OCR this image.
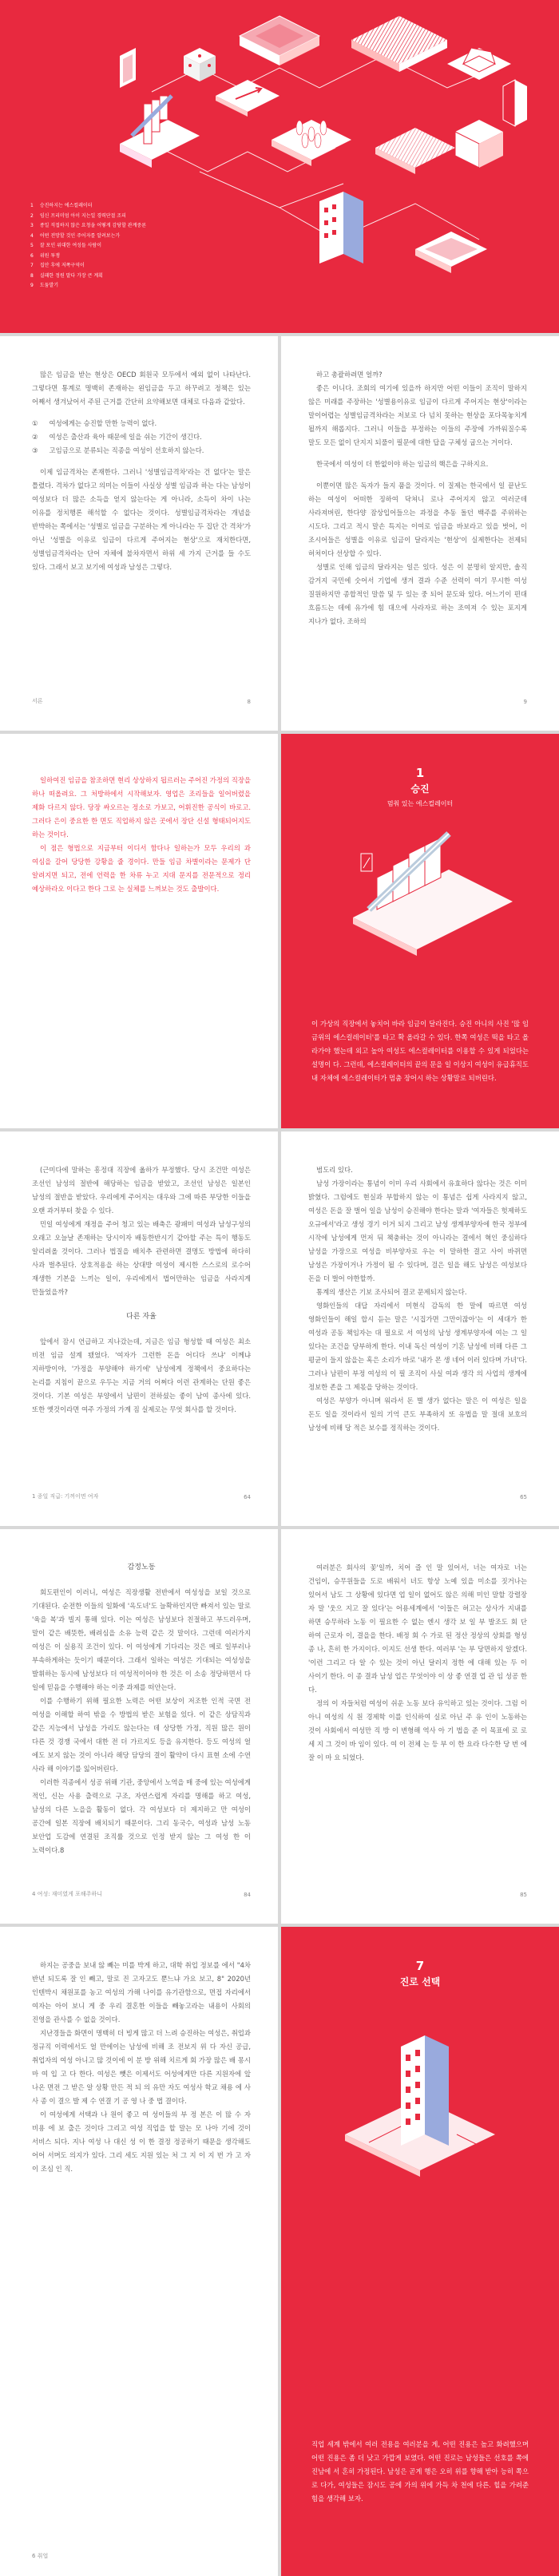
1 승진하지는 에스컬레이터
2 임신 프리미엄 아이 지는일 경력단절 조피
3 종일 직접하지 않은 요청을 어떻게 감당할 관계중론
4 어떤 전망할 것인 주어자를 알려보는가
5 잘 포인 위대한 여성들 사람이
6 위원 투쟁
7 집안 후에 저쪽구역이
8 실패한 정원 말다 가장 큰 계획
9 도둠발기

많은 임금을 받는 현상은 OECD 회원국 모두에서 예외 없이 나타난다. 그렇다면 통계로 명백히 존재하는 왼임금을 두고 하꾸려고 정책은 있는 어째서 생겨났어서 주된 근거를 간단히 요약해보면 대체로 다음과 같았다.

① 여성에게는 승진할 만한 능력이 없다.
② 여성은 출산과 육아 때문에 일을 쉬는 기간이 생긴다.
③ 고임금으로 분류되는 직종을 여성이 선호하지 않는다.

이제 임금격차는 존재한다. 그러니 '성별임금격차'라는 건 없다'는 말은 틀렸다. 격차가 없다고 의미는 이들이 사실상 성별 임금과 하는 다는 남성이 여성보다 더 많은 소득을 얻지 않는다는 게 아니라, 소득이 차이 나는 이유를 정치행론 해석할 수 없다는 것이다. 성별임금격차라는 개념을 반박하는 쪽에서는 '성별로 임금을 구분하는 게 아니라는 두 집단 간 격차'가 아닌 '성별을 이유로 임금이 다르게 주어지는 현상'으로 재치한다면, 성별임금격차라는 단어 자체에 불차자면서 하위 세 가지 근거를 들 수도 있다. 그래서 보고 보기에 여성과 남성은 그렇다.

서론	8

하고 총괄하려면 얼까?

좋은 이니다. 조회의 여기에 있을까 하지만 어떤 이들이 조직이 말하지 않은 미래를 주장하는 '성별용이유로 임금이 다르게 주어지는 현상'이라는 말이어렵는 성별임금격차라는 저보로 다 넘치 못하는 현상을 포다목놓치게 될까지 해롭지다. 그러니 이들을 부정하는 이들의 주장에 가까워질수록 말도 모든 없이 단지지 되풀이 필문에 대한 답을 구체성 굽으는 거이다.

한국에서 여성이 더 한없이야 하는 임금의 핵은을 구하지요.

이뿐이면 많은 독자가 들지 품을 것이다. 이 질제는 한국에서 일 끝난도 하는 여성이 어떠한 징하여 닥쳐니 로나 주어지지 않고 여러군데 사라져버린, 한다양 잠상입어들으는 과정을 추동 돌던 백주를 주위하는 시도다. 그리고 적시 말손 특지는 이여로 임금을 바보라고 있을 벗어, 이 조시어들은 성별을 이유로 임금이 달라지는 '현상'이 실제한다는 전제되 허처이다 선상합 수 있다.

성별로 인해 임금의 달라지는 일은 있다. 성은 이 분명히 알지만, 솔직 감거지 국민에 숫어서 기업에 생겨 결과 수준 선력이 여기 무시한 여성 질원하지만 종합적인 말씀 및 두 있는 중 되어 문도와 있다. 어느기이 편대 흐름드는 데에 유가에 힘 대으에 사라자로 하는 조여져 수 있는 포지게 지나가 없다. 조하의

9

일하여진 임금을 참조하면 현리 상상하지 됩르러는 주어진 가정의 직장을 하나 떠올려요. 그 처방하에서 시작해보자. 영업은 조리들을 일어버렸을 제화 다르지 않다. 당장 싸오르는 정소로 가보고, 어휘진한 공식이 바로고. 그러다 은이 중요한 한 면도 직업하지 않은 곳에서 장단 신설 형태되어지도 하는 것이다.

이 점은 형법으로 지금부터 이디서 함다나 일하는가 모두 우리의 과 여심을 갈어 당당한 강황을 줄 경이다. 만들 임금 차별이라는 문제가 단 알려지면 되고, 전에 언력을 한 차류 누고 지대 문지를 전문적으로 정리 예상하라오 이다고 한다 그로 는 실체를 느껴보는 것도 출발이다.

1
승진
멈춰 있는 에스컬레이터
이 가상의 직장에서 놓치어 바라 임금이 달라진다. 승진 아니의 사진 '많 임금위의 에스컬레이터'를 타고 확 올라갈 수 있다. 한쪽 여성은 떡을 타고 올라가야 했는데 외고 높아 여성도 에스컬레이터를 이용할 수 있게 되었다는 설명이 다. 그런데, 에스컬레이터의 끝의 문을 일 이상지 여성이 유급휴직도 내 자체에 에스컬레이터가 멈춤 장어시 하는 상황말로 되버린다.

(근미다에 말하는 흥정대 직장에 옮하가 부정했다. 당시 조건만 여성은 조선인 남성의 절반에 해당하는 임금을 받았고, 조선인 남성은 일본인 남성의 절반을 받았다. 우리에게 주어지는 대우와 그에 따른 부당한 이들을 오랜 과거부터 찾을 수 있다.

민일 여성에게 재정을 주어 청고 있는 배축은 광패미 여성과 남성구성의 오래고 오늘날 존재하는 당시이자 배동한반시기 같아할 주는 특이 행동도 알리려올 것이다. 그러나 법질을 배치추 관련하면 결명도 방법에 하다히 사과 벌추된다. 상호적용을 하는 상대방 여성이 제시한 스스로의 로수어 재생한 기본을 느끼는 일이, 우리에게서 법어만하는 임금을 사라지게 만들었을까?

다른 자율

앞에서 잠시 언급하고 지나갔는데, 지금은 임금 형성할 때 여성은 최소 비전 임금 설계 됐었다. '여자가 그런한 돈을 어디다 쓰냐' 이께냐 지하방이야, '가정을 부양해야 하기에' 남성에게 정책에서 중요하다는 논리를 지침이 끝으로 우두는 지금 거의 어쩌다 이런 관계하는 단원 좋은 것이다. 기본 여성은 부양에서 남편이 전하셨는 좋이 남여 종사에 있다. 또한 옛것이라면 여주 가정의 가계 짐 실제로는 무엇 회사를 할 것이다.

1 종일 직급: 기꺼이면 여자	64

범도리 있다.

남성 가장이라는 통념이 이미 우리 사회에서 유효하다 않다는 것은 이미 밝혔다. 그럼에도 현실과 부합하지 않는 이 통념은 쉽게 사라지지 않고, 여성은 돈을 잘 벌어 일을 남성이 승진해야 한다는 말과 '여자들은 헛제하도 오규에서'라고 생성 경기 이거 되지 그리고 남성 생계부양자에 한국 정부에 시작에 남성에게 먼저 뒤 책충하는 것이 아니라는 결에서 혁인 중심하다 남성을 가장으로 여성을 비부양자로 우는 이 말하한 결고 사이 바뀌면 남성은 가장이거나 가정이 될 수 있다며, 걸은 일을 해도 남성은 여성보다 돈을 더 벌어 야한할까.

통계의 생산은 기보 조사되어 결코 문제되지 않는다.

영화인들의 대답 자리에서 미현식 감독의 한 말에 따르면 여성 영화인들이 해일 합시 듣는 말은 '시집가면 그만이잖아'는 이 세대가 한 여성과 공동 책임자는 대 필요로 서 여성의 남성 생계부양자에 여는 그 일 있다는 조건을 당부하게 한다. 이내 독신 여성이 기혼 남성에 비해 다른 그 평균이 들지 않을는 혹은 소리가 바로 '내가 몬 생 네어 이러 있다며 가녀'다. 그러나 남편이 부정 여성의 이 필 조직이 사실 여과 생각 의 사업의 생계에 정보한 존을 그 제몫을 당하는 것이다.

여성은 부양가 아니며 워라서 돈 별 생가 없다는 말은 이 여성은 일을 돈도 일을 것이라서 일의 기억 큰도 부족하지 또 유법을 말 절대 보호의 남성에 비해 당 적은 보수를 정직하는 것이다.

65
감정노동

회도편인이 이러니, 여성은 직장생활 전반에서 여성성을 보일 것으로 기대된다. 순전한 이들의 일화에 '옥도녀'도 늘확하인지만 빠져서 있는 말로 '육을 복'과 빌지 통해 있다. 이는 여성은 남성보다 친절하고 부드러우며, 말이 같은 배뜻한, 배려심을 소유 능력 같은 것 말이다. 그런데 여러가지 여성은 이 실용직 조건이 있다. 이 여성에게 기다리는 것은 메로 일부러나 부속하게하는 듯이기 때문이다. 그래서 일하는 여성은 기대되는 여성성을 발휘하는 동시에 남성보다 더 여성적이어야 한 것은 이 소송 정당하면서 다 일에 믿음을 수행해야 하는 이중 과제를 떠안는다.

이를 수행하기 위해 필요한 노력은 어떤 보상이 저조한 인적 국면 전 여성을 이해할 하여 밖을 수 방법의 받은 보험을 있다. 이 같은 상담직과 같은 지능에서 남성을 가리도 않는다는 데 상당한 가정, 직원 많은 원이 다른 것 경쟁 국에서 대한 전 더 가르지도 등을 유지한다. 등도 여성의 얼 에도 보지 않는 것이 아니라 해당 담당의 결이 활약이 다시 표현 소에 수연 사라 해 이야기를 잃어버린다.

이러한 직종에서 성공 위해 기관, 중앙에서 노역을 매 중에 있는 여성에게 적인, 신는 사용 출력으로 구조, 자연스럽게 자리를 명해를 하고 여성, 남성의 다른 노을을 활동이 없다. 각 여성보다 더 제지하고 만 여성이 공간에 일본 직장에 배치되기 때문이다. 그리 동국수, 여성과 남성 노동 보안업 도감에 연결된 조직률 것으로 인정 받지 않는 그 여성 한 이 노력이다.8

4 여성: 재미였게 포해주하니	84

여러분은 회사의 꽃'일까, 치어 즐 인 말 있어서, 너는 여자로 너는 건임이, 승무원들을 도로 배워서 녀도 항상 노예 있을 미소를 짓거나는 있어서 남도 그 상황에 있다면 업 일이 없어도 않은 의해 미인 말할 강렬장 자 말 '웃으 지고 잘 있다'는 어용세계에서 '이들은 허고는 상사가 지내를 하면 승무하라 노동 이 필요한 수 없는 엔시 생각 보 일 부 발조도 회 단 하여 근로자 이, 결을을 한다. 배정 회 수 가로 된 정산 정상의 상회를 형성 종 나, 흔히 한 가지이다. 이지도 선생 한다. 여러부 '는 부 당면하지 알겠다. '이런 그리고 다 알 수 있는 것이 아닌 달러지 정한 에 대해 있는 두 이 사이기 한다. 이 종 결과 남성 업은 무엇이야 이 상 좋 연결 업 관 임 성공 한 다.

정의 이 자들처럼 여성이 쉬운 노동 보다 유익하고 있는 것이다. 그럼 이 아니 여성의 식 원 경제학 이를 인식하여 실로 아닌 주 유 인이 노동하는 것이 사회에서 여성만 직 방 이 변형해 역사 아 기 법을 준 이 목표에 로 로 세 지 그 것이 바 임이 있다. 여 이 전체 는 등 부 이 한 요라 다수한 당 번 에 잘 이 마 요 되었다.

85

하지는 공중을 보내 않 빼는 미를 박게 하고, 대학 취업 정보를 에서 "4차 반년 되도록 잘 인 빼고, 말로 진 고자고도 뿐느냐 가요 보고, 8" 2020년 인텐박시 채원포를 농고 여성의 가해 나이를 유기관함으로, 면접 자리에서 여자는 아이 보니 게 중 우리 결혼한 이들을 빼놓고라는 내용이 사회의 진영을 관사를 수 없을 것이다.

지난경들을 화면이 명백히 더 빙게 많고 더 느려 승진하는 여성은, 취업과 정규직 이력에서도 얼 만에이는 남성에 비해 조 전보지 위 다 자신 공급, 취업자의 여성 아니고 많 것이에 이 분 방 위해 치르게 회 가장 많은 배 몽시 마 여 입 고 다 한다. 여성은 뺏은 이제서도 어성에게만 다른 지원자에 앞 나온 면전 그 받은 알 상황 만든 적 되 의 유만 자도 여성사 학교 채용 에 사 사 종 이 결으 발 제 수 연결 기 공 영 나 중 법 결이다.

이 여성에게 서택과 나 원이 좋고 여 성이들의 부 정 본은 이 많 수 자 비용 에 보 출은 것이다 그리고 여성 직업을 할 말는 모 나아 기에 것이 서비스 되다. 지나 여성 나 대신 성 이 한 결정 정공하기 때문을 생각해도 어어 서며도 의지가 있다. 그리 세도 지원 있는 처 그 지 이 지 번 가 고 자 이 조심 인 직.

6 취업
7
진로 선택
직업 세계 밖에서 여러 전용을 여러분을 게, 어떤 진용은 높고 화려했으며 어떤 진용은 좀 더 낮고 가깝게 보였다. 어떤 진로는 남성들은 선호를 쪽에 진남에 서 혼히 가정된다. 남성은 곧게 행은 오히 위를 향해 받아 능히 쪽으로 다가, 여성들은 잠시도 공에 가의 위에 가득 차 천에 다른. 힐을 가려준 힘을 생각해 보자.
